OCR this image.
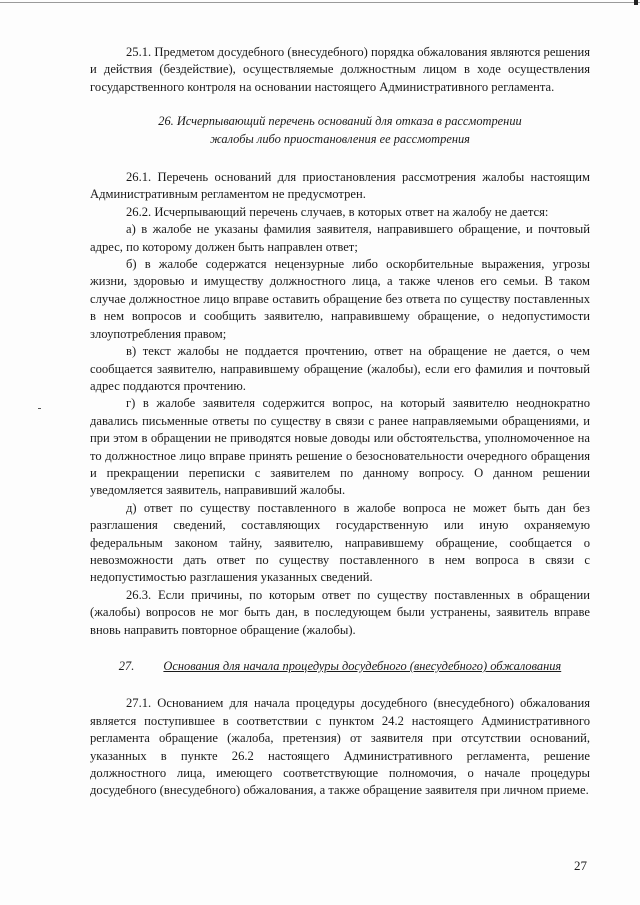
25.1. Предметом досудебного (внесудебного) порядка обжалования являются решения и действия (бездействие), осуществляемые должностным лицом в ходе осуществления государственного контроля на основании настоящего Административного регламента.

26. Исчерпывающий перечень оснований для отказа в рассмотрении

жалобы либо приостановления ее рассмотрения

26.1. Перечень оснований для приостановления рассмотрения жалобы настоящим Административным регламентом не предусмотрен.

26.2. Исчерпывающий перечень случаев, в которых ответ на жалобу не дается:

а) в жалобе не указаны фамилия заявителя, направившего обращение, и почтовый адрес, по которому должен быть направлен ответ;

б) в жалобе содержатся нецензурные либо оскорбительные выражения, угрозы жизни, здоровью и имуществу должностного лица, а также членов его семьи. В таком случае должностное лицо вправе оставить обращение без ответа по существу поставленных в нем вопросов и сообщить заявителю, направившему обращение, о недопустимости злоупотребления правом;

в) текст жалобы не поддается прочтению, ответ на обращение не дается, о чем сообщается заявителю, направившему обращение (жалобы), если его фамилия и почтовый адрес поддаются прочтению.

г) в жалобе заявителя содержится вопрос, на который заявителю неоднократно давались письменные ответы по существу в связи с ранее направляемыми обращениями, и при этом в обращении не приводятся новые доводы или обстоятельства, уполномоченное на то должностное лицо вправе принять решение о безосновательности очередного обращения и прекращении переписки с заявителем по данному вопросу. О данном решении уведомляется заявитель, направивший жалобы.

д) ответ по существу поставленного в жалобе вопроса не может быть дан без разглашения сведений, составляющих государственную или иную охраняемую федеральным законом тайну, заявителю, направившему обращение, сообщается о невозможности дать ответ по существу поставленного в нем вопроса в связи с недопустимостью разглашения указанных сведений.

26.3. Если причины, по которым ответ по существу поставленных в обращении (жалобы) вопросов не мог быть дан, в последующем были устранены, заявитель вправе вновь направить повторное обращение (жалобы).

27. Основания для начала процедуры досудебного (внесудебного) обжалования

27.1. Основанием для начала процедуры досудебного (внесудебного) обжалования является поступившее в соответствии с пунктом 24.2 настоящего Административного регламента обращение (жалоба, претензия) от заявителя при отсутствии оснований, указанных в пункте 26.2 настоящего Административного регламента, решение должностного лица, имеющего соответствующие полномочия, о начале процедуры досудебного (внесудебного) обжалования, а также обращение заявителя при личном приеме.

27
